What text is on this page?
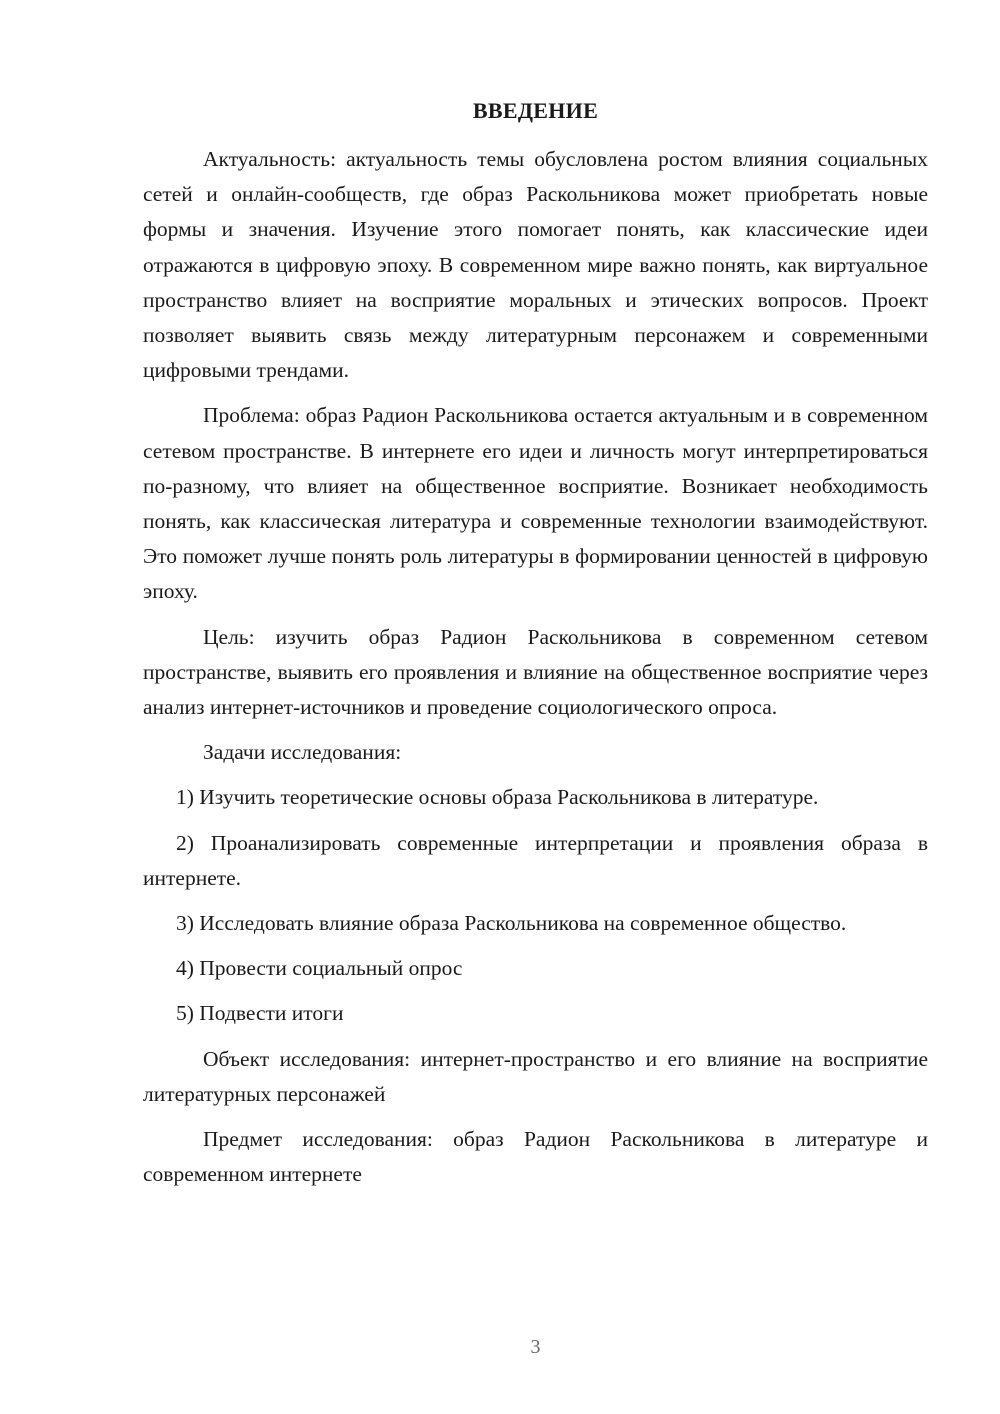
ВВЕДЕНИЕ

Актуальность: актуальность темы обусловлена ростом влияния социальных сетей и онлайн-сообществ, где образ Раскольникова может приобретать новые формы и значения. Изучение этого помогает понять, как классические идеи отражаются в цифровую эпоху. В современном мире важно понять, как виртуальное пространство влияет на восприятие моральных и этических вопросов. Проект позволяет выявить связь между литературным персонажем и современными цифровыми трендами.

Проблема: образ Радион Раскольникова остается актуальным и в современном сетевом пространстве. В интернете его идеи и личность могут интерпретироваться по-разному, что влияет на общественное восприятие. Возникает необходимость понять, как классическая литература и современные технологии взаимодействуют. Это поможет лучше понять роль литературы в формировании ценностей в цифровую эпоху.

Цель: изучить образ Радион Раскольникова в современном сетевом пространстве, выявить его проявления и влияние на общественное восприятие через анализ интернет-источников и проведение социологического опроса.

Задачи исследования:

1) Изучить теоретические основы образа Раскольникова в литературе.

2) Проанализировать современные интерпретации и проявления образа в интернете.

3) Исследовать влияние образа Раскольникова на современное общество.

4) Провести социальный опрос

5) Подвести итоги

Объект исследования: интернет-пространство и его влияние на восприятие литературных персонажей

Предмет исследования: образ Радион Раскольникова в литературе и современном интернете

3
